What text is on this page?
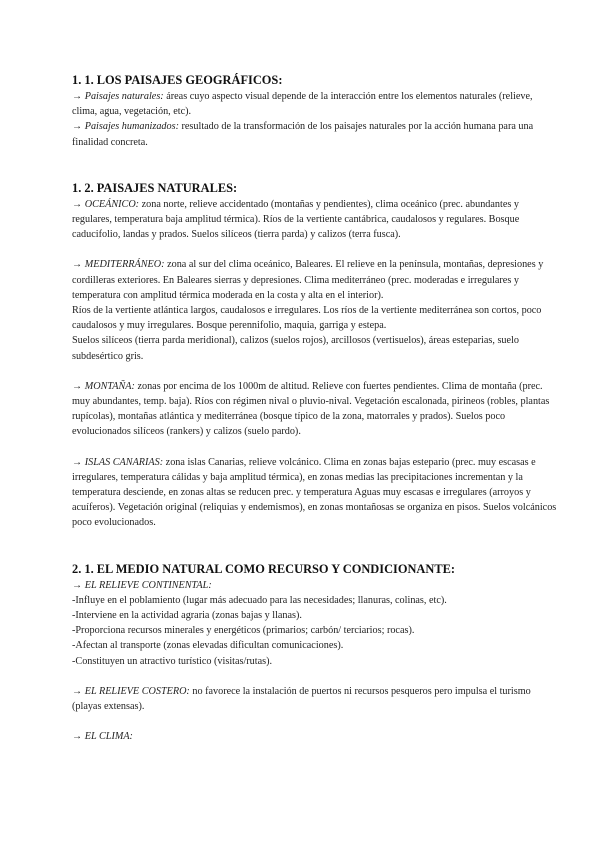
1. 1. LOS PAISAJES GEOGRÁFICOS:

→ Paisajes naturales: áreas cuyo aspecto visual depende de la interacción entre los elementos naturales (relieve, clima, agua, vegetación, etc).

→ Paisajes humanizados: resultado de la transformación de los paisajes naturales por la acción humana para una finalidad concreta.

1. 2. PAISAJES NATURALES:

→ OCEÁNICO: zona norte, relieve accidentado (montañas y pendientes), clima oceánico (prec. abundantes y regulares, temperatura baja amplitud térmica). Ríos de la vertiente cantábrica, caudalosos y regulares. Bosque caducifolio, landas y prados. Suelos silíceos (tierra parda) y calizos (terra fusca).

→ MEDITERRÁNEO: zona al sur del clima oceánico, Baleares. El relieve en la península, montañas, depresiones y cordilleras exteriores. En Baleares sierras y depresiones. Clima mediterráneo (prec. moderadas e irregulares y temperatura con amplitud térmica moderada en la costa y alta en el interior).

Ríos de la vertiente atlántica largos, caudalosos e irregulares. Los ríos de la vertiente mediterránea son cortos, poco caudalosos y muy irregulares. Bosque perennifolio, maquia, garriga y estepa.

Suelos silíceos (tierra parda meridional), calizos (suelos rojos), arcillosos (vertisuelos), áreas esteparias, suelo subdesértico gris.

→ MONTAÑA: zonas por encima de los 1000m de altitud. Relieve con fuertes pendientes. Clima de montaña (prec. muy abundantes, temp. baja). Ríos con régimen nival o pluvio-nival. Vegetación escalonada, pirineos (robles, plantas rupícolas), montañas atlántica y mediterránea (bosque típico de la zona, matorrales y prados). Suelos poco evolucionados silíceos (rankers) y calizos (suelo pardo).

→ ISLAS CANARIAS: zona islas Canarias, relieve volcánico. Clima en zonas bajas estepario (prec. muy escasas e irregulares, temperatura cálidas y baja amplitud térmica), en zonas medias las precipitaciones incrementan y la temperatura desciende, en zonas altas se reducen prec. y temperatura Aguas muy escasas e irregulares (arroyos y acuíferos). Vegetación original (reliquias y endemismos), en zonas montañosas se organiza en pisos. Suelos volcánicos poco evolucionados.

2. 1. EL MEDIO NATURAL COMO RECURSO Y CONDICIONANTE:

→ EL RELIEVE CONTINENTAL:

-Influye en el poblamiento (lugar más adecuado para las necesidades; llanuras, colinas, etc).

-Interviene en la actividad agraria (zonas bajas y llanas).

-Proporciona recursos minerales y energéticos (primarios; carbón/ terciarios; rocas).

-Afectan al transporte (zonas elevadas dificultan comunicaciones).

-Constituyen un atractivo turístico (visitas/rutas).

→ EL RELIEVE COSTERO: no favorece la instalación de puertos ni recursos pesqueros pero impulsa el turismo (playas extensas).

→ EL CLIMA:
